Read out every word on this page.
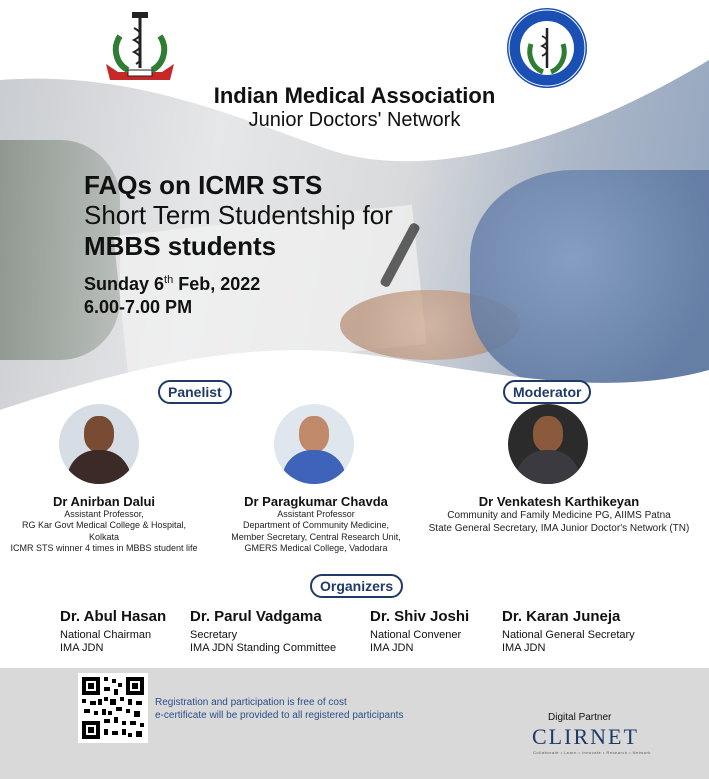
Indian Medical Association
Junior Doctors' Network
FAQs on ICMR STS
Short Term Studentship for
MBBS students
Sunday 6th Feb, 2022
6.00-7.00 PM
Panelist	Moderator
Dr Anirban Dalui
Assistant Professor,
RG Kar Govt Medical College & Hospital, Kolkata
ICMR STS winner 4 times in MBBS student life
Dr Paragkumar Chavda
Assistant Professor
Department of Community Medicine,
Member Secretary, Central Research Unit,
GMERS Medical College, Vadodara
Dr Venkatesh Karthikeyan
Community and Family Medicine PG, AIIMS Patna
State General Secretary, IMA Junior Doctor's Network (TN)
Organizers
Dr. Abul Hasan
National Chairman
IMA JDN
Dr. Parul Vadgama
Secretary
IMA JDN Standing Committee
Dr. Shiv Joshi
National Convener
IMA JDN
Dr. Karan Juneja
National General Secretary
IMA JDN
Registration and participation is free of cost
e-certificate will be provided to all registered participants	Digital Partner
CLIRNET
Collaborate • Learn • Innovate • Research • Network
